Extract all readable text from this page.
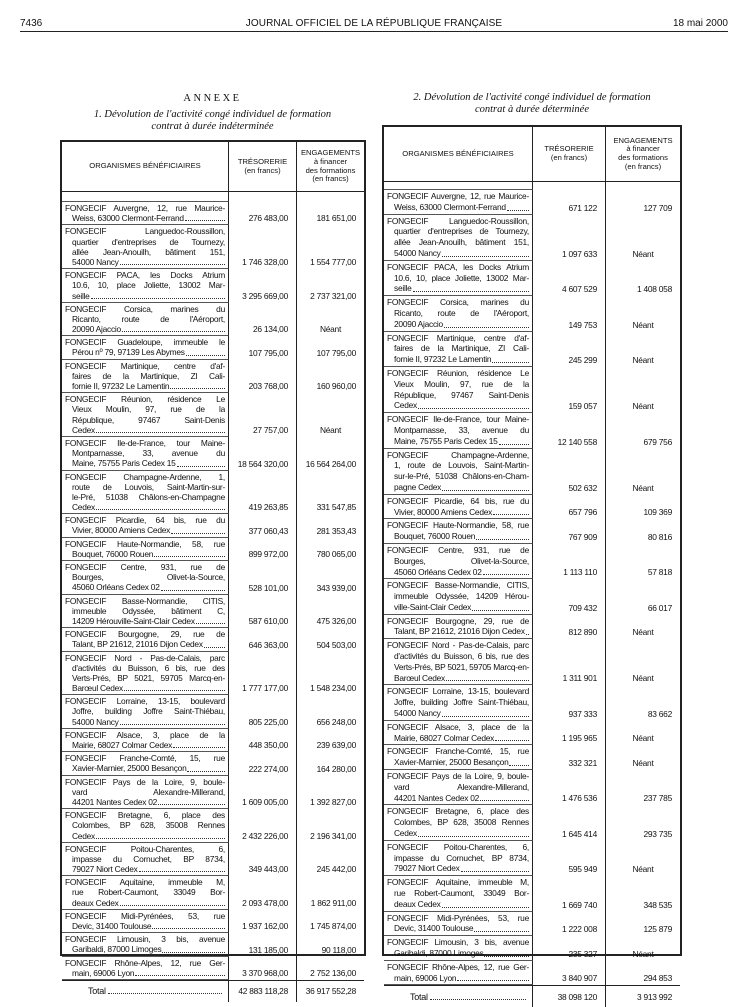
7436	JOURNAL OFFICIEL DE LA RÉPUBLIQUE FRANÇAISE	18 mai 2000
ANNEXE
1. Dévolution de l'activité congé individuel de formation
contrat à durée indéterminée
2. Dévolution de l'activité congé individuel de formation
contrat à durée déterminée
ORGANISMES BÉNÉFICIAIRES	TRÉSORERIE
(en francs)
ENGAGEMENTS
à financer
des formations
(en francs)
FONGECIF Auvergne, 12, rue Maurice-
Weiss, 63000 Clermont-Ferrand	276 483,00	181 651,00
FONGECIF Languedoc-Roussillon,
quartier d'entreprises de Tournezy,
allée Jean-Anouilh, bâtiment 151,
54000 Nancy	1 746 328,00	1 554 777,00
FONGECIF PACA, les Docks Atrium
10.6, 10, place Joliette, 13002 Mar-
seille	3 295 669,00	2 737 321,00
FONGECIF Corsica, marines du
Ricanto, route de l'Aéroport,
20090 Ajaccio	26 134,00	Néant
FONGECIF Guadeloupe, immeuble le
Pérou nº 79, 97139 Les Abymes	107 795,00	107 795,00
FONGECIF Martinique, centre d'af-
faires de la Martinique, ZI Cali-
fornie II, 97232 Le Lamentin	203 768,00	160 960,00
FONGECIF Réunion, résidence Le
Vieux Moulin, 97, rue de la
République, 97467 Saint-Denis
Cedex	27 757,00	Néant
FONGECIF Ile-de-France, tour Maine-
Montparnasse, 33, avenue du
Maine, 75755 Paris Cedex 15	18 564 320,00	16 564 264,00
FONGECIF Champagne-Ardenne, 1,
route de Louvois, Saint-Martin-sur-
le-Pré, 51038 Châlons-en-Champagne
Cedex	419 263,85	331 547,85
FONGECIF Picardie, 64 bis, rue du
Vivier, 80000 Amiens Cedex	377 060,43	281 353,43
FONGECIF Haute-Normandie, 58, rue
Bouquet, 76000 Rouen	899 972,00	780 065,00
FONGECIF Centre, 931, rue de
Bourges, Olivet-la-Source,
45060 Orléans Cedex 02	528 101,00	343 939,00
FONGECIF Basse-Normandie, CITIS,
immeuble Odyssée, bâtiment C,
14209 Hérouville-Saint-Clair Cedex	587 610,00	475 326,00
FONGECIF Bourgogne, 29, rue de
Talant, BP 21612, 21016 Dijon Cedex	646 363,00	504 503,00
FONGECIF Nord - Pas-de-Calais, parc
d'activités du Buisson, 6 bis, rue des
Verts-Prés, BP 5021, 59705 Marcq-en-
Barœul Cedex	1 777 177,00	1 548 234,00
FONGECIF Lorraine, 13-15, boulevard
Joffre, building Joffre Saint-Thiébau,
54000 Nancy	805 225,00	656 248,00
FONGECIF Alsace, 3, place de la
Mairie, 68027 Colmar Cedex	448 350,00	239 639,00
FONGECIF Franche-Comté, 15, rue
Xavier-Marnier, 25000 Besançon	222 274,00	164 280,00
FONGECIF Pays de la Loire, 9, boule-
vard Alexandre-Millerand,
44201 Nantes Cedex 02	1 609 005,00	1 392 827,00
FONGECIF Bretagne, 6, place des
Colombes, BP 628, 35008 Rennes
Cedex	2 432 226,00	2 196 341,00
FONGECIF Poitou-Charentes, 6,
impasse du Cornuchet, BP 8734,
79027 Niort Cedex	349 443,00	245 442,00
FONGECIF Aquitaine, immeuble M,
rue Robert-Caumont, 33049 Bor-
deaux Cedex	2 093 478,00	1 862 911,00
FONGECIF Midi-Pyrénées, 53, rue
Devic, 31400 Toulouse	1 937 162,00	1 745 874,00
FONGECIF Limousin, 3 bis, avenue
Garibaldi, 87000 Limoges	131 185,00	90 118,00
FONGECIF Rhône-Alpes, 12, rue Ger-
main, 69006 Lyon	3 370 968,00	2 752 136,00
Total	42 883 118,28	36 917 552,28
ORGANISMES BÉNÉFICIAIRES	TRÉSORERIE
(en francs)
ENGAGEMENTS
à financer
des formations
(en francs)
FONGECIF Auvergne, 12, rue Maurice-
Weiss, 63000 Clermont-Ferrand	671 122	127 709
FONGECIF Languedoc-Roussillon,
quartier d'entreprises de Tournezy,
allée Jean-Anouilh, bâtiment 151,
54000 Nancy	1 097 633	Néant
FONGECIF PACA, les Docks Atrium
10.6, 10, place Joliette, 13002 Mar-
seille	4 607 529	1 408 058
FONGECIF Corsica, marines du
Ricanto, route de l'Aéroport,
20090 Ajaccio	149 753	Néant
FONGECIF Martinique, centre d'af-
faires de la Martinique, ZI Cali-
fornie II, 97232 Le Lamentin	245 299	Néant
FONGECIF Réunion, résidence Le
Vieux Moulin, 97, rue de la
République, 97467 Saint-Denis
Cedex	159 057	Néant
FONGECIF Ile-de-France, tour Maine-
Montparnasse, 33, avenue du
Maine, 75755 Paris Cedex 15	12 140 558	679 756
FONGECIF Champagne-Ardenne,
1, route de Louvois, Saint-Martin-
sur-le-Pré, 51038 Châlons-en-Cham-
pagne Cedex	502 632	Néant
FONGECIF Picardie, 64 bis, rue du
Vivier, 80000 Amiens Cedex	657 796	109 369
FONGECIF Haute-Normandie, 58, rue
Bouquet, 76000 Rouen	767 909	80 816
FONGECIF Centre, 931, rue de
Bourges, Olivet-la-Source,
45060 Orléans Cedex 02	1 113 110	57 818
FONGECIF Basse-Normandie, CITIS,
immeuble Odyssée, 14209 Hérou-
ville-Saint-Clair Cedex	709 432	66 017
FONGECIF Bourgogne, 29, rue de
Talant, BP 21612, 21016 Dijon Cedex	812 890	Néant
FONGECIF Nord - Pas-de-Calais, parc
d'activités du Buisson, 6 bis, rue des
Verts-Prés, BP 5021, 59705 Marcq-en-
Barœul Cedex	1 311 901	Néant
FONGECIF Lorraine, 13-15, boulevard
Joffre, building Joffre Saint-Thiébau,
54000 Nancy	937 333	83 662
FONGECIF Alsace, 3, place de la
Mairie, 68027 Colmar Cedex	1 195 965	Néant
FONGECIF Franche-Comté, 15, rue
Xavier-Marnier, 25000 Besançon	332 321	Néant
FONGECIF Pays de la Loire, 9, boule-
vard Alexandre-Millerand,
44201 Nantes Cedex 02	1 476 536	237 785
FONGECIF Bretagne, 6, place des
Colombes, BP 628, 35008 Rennes
Cedex	1 645 414	293 735
FONGECIF Poitou-Charentes, 6,
impasse du Cornuchet, BP 8734,
79027 Niort Cedex	595 949	Néant
FONGECIF Aquitaine, immeuble M,
rue Robert-Caumont, 33049 Bor-
deaux Cedex	1 669 740	348 535
FONGECIF Midi-Pyrénées, 53, rue
Devic, 31400 Toulouse	1 222 008	125 879
FONGECIF Limousin, 3 bis, avenue
Garibaldi, 87000 Limoges	235 327	Néant
FONGECIF Rhône-Alpes, 12, rue Ger-
main, 69006 Lyon	3 840 907	294 853
Total	38 098 120	3 913 992
